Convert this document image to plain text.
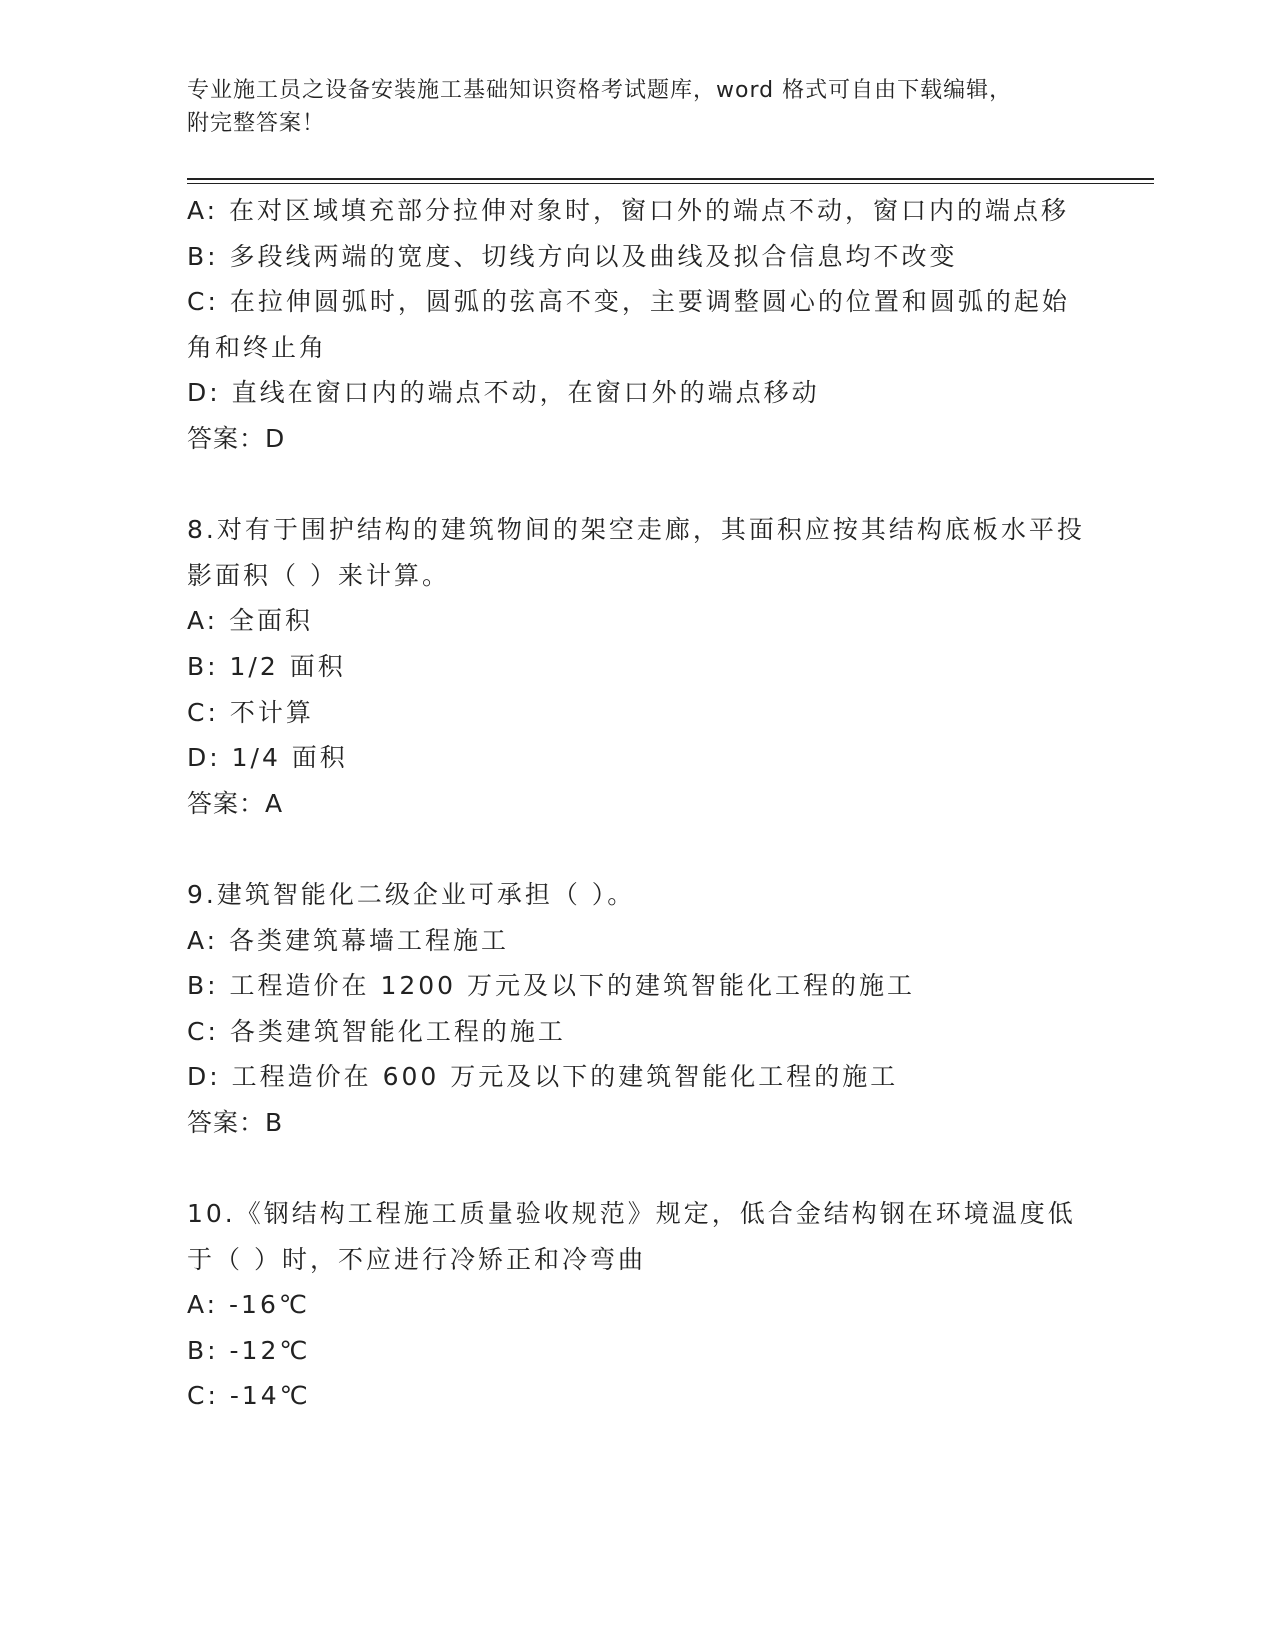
专业施工员之设备安装施工基础知识资格考试题库，word 格式可自由下载编辑，
附完整答案！
A: 在对区域填充部分拉伸对象时，窗口外的端点不动，窗口内的端点移
B: 多段线两端的宽度、切线方向以及曲线及拟合信息均不改变
C: 在拉伸圆弧时，圆弧的弦高不变，主要调整圆心的位置和圆弧的起始角和终止角
D: 直线在窗口内的端点不动，在窗口外的端点移动
答案：D
8.对有于围护结构的建筑物间的架空走廊，其面积应按其结构底板水平投影面积（ ）来计算。
A: 全面积
B: 1/2 面积
C: 不计算
D: 1/4 面积
答案：A
9.建筑智能化二级企业可承担（ ）。
A: 各类建筑幕墙工程施工
B: 工程造价在 1200 万元及以下的建筑智能化工程的施工
C: 各类建筑智能化工程的施工
D: 工程造价在 600 万元及以下的建筑智能化工程的施工
答案：B
10.《钢结构工程施工质量验收规范》规定，低合金结构钢在环境温度低于（ ）时，不应进行冷矫正和冷弯曲
A: -16℃
B: -12℃
C: -14℃
